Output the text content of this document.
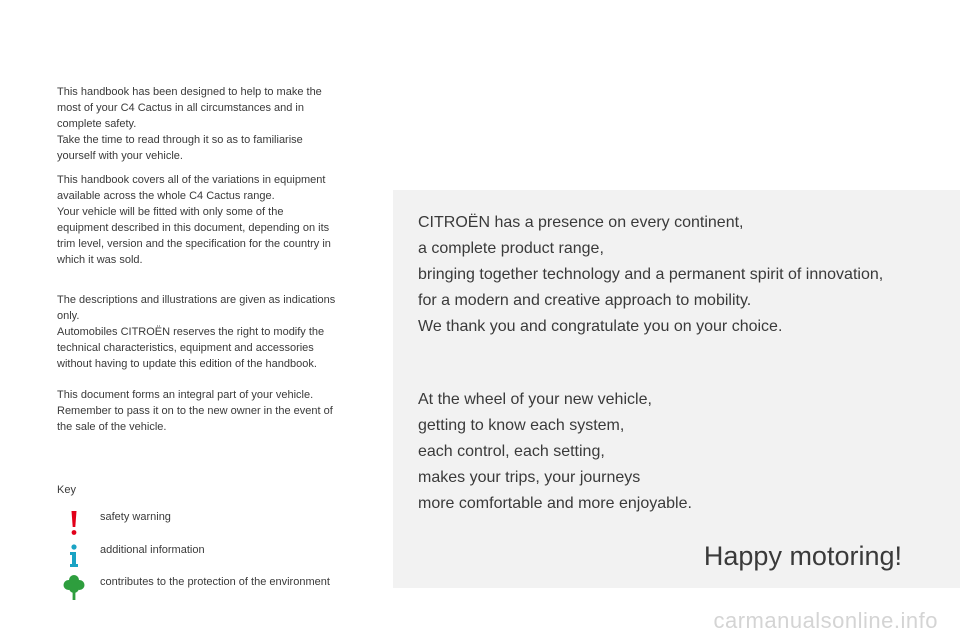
This handbook has been designed to help to make the

most of your C4 Cactus in all circumstances and in

complete safety.

Take the time to read through it so as to familiarise

yourself with your vehicle.

This handbook covers all of the variations in equipment

available across the whole C4 Cactus range.

Your vehicle will be fitted with only some of the

equipment described in this document, depending on its

trim level, version and the specification for the country in

which it was sold.

The descriptions and illustrations are given as indications

only.

Automobiles CITROËN reserves the right to modify the

technical characteristics, equipment and accessories

without having to update this edition of the handbook.

This document forms an integral part of your vehicle.

Remember to pass it on to the new owner in the event of

the sale of the vehicle.

Key
safety warning
additional information
contributes to the protection of the environment
CITROËN has a presence on every continent,
a complete product range,
bringing together technology and a permanent spirit of innovation,
for a modern and creative approach to mobility.
We thank you and congratulate you on your choice.
At the wheel of your new vehicle,
getting to know each system,
each control, each setting,
makes your trips, your journeys
more comfortable and more enjoyable.
Happy motoring!
carmanualsonline.info
